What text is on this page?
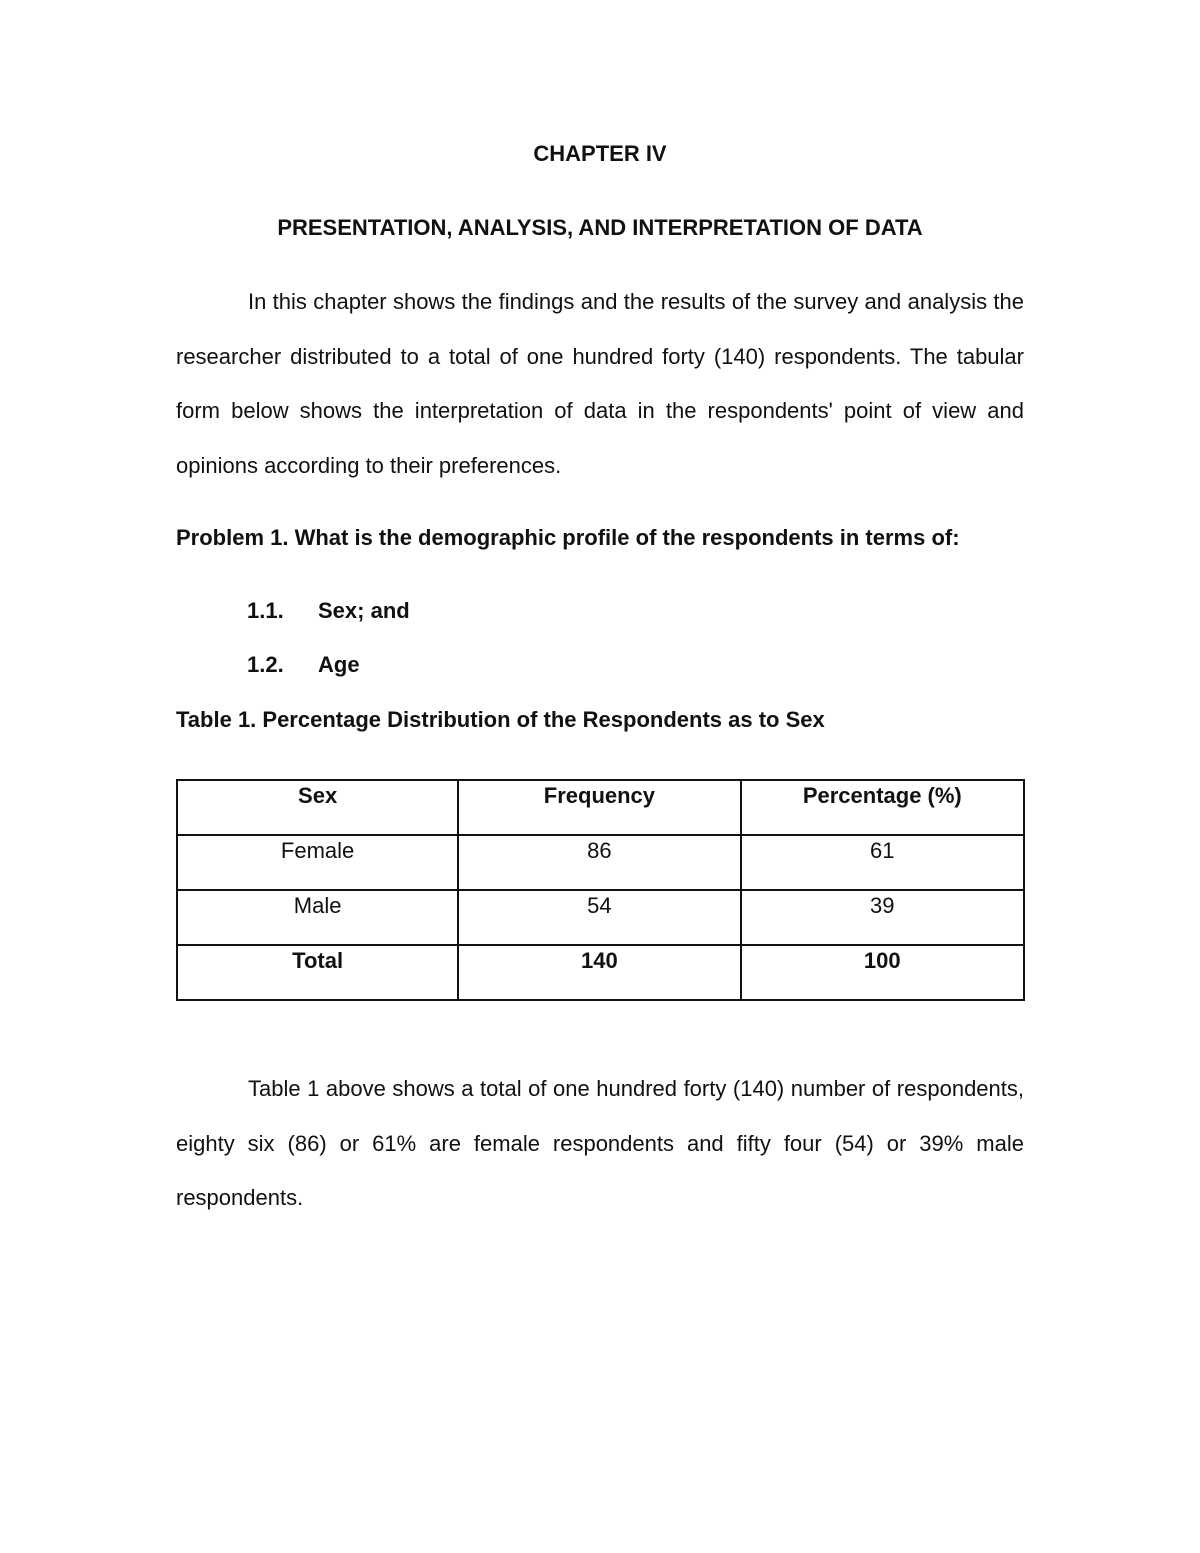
CHAPTER IV
PRESENTATION, ANALYSIS, AND INTERPRETATION OF DATA

In this chapter shows the findings and the results of the survey and analysis the researcher distributed to a total of one hundred forty (140) respondents. The tabular form below shows the interpretation of data in the respondents' point of view and opinions according to their preferences.

Problem 1. What is the demographic profile of the respondents in terms of:
1.1. Sex; and
1.2. Age
Table 1. Percentage Distribution of the Respondents as to Sex
Sex	Frequency	Percentage (%)
Female	86	61
Male	54	39
Total	140	100

Table 1 above shows a total of one hundred forty (140) number of respondents, eighty six (86) or 61% are female respondents and fifty four (54) or 39% male respondents.
